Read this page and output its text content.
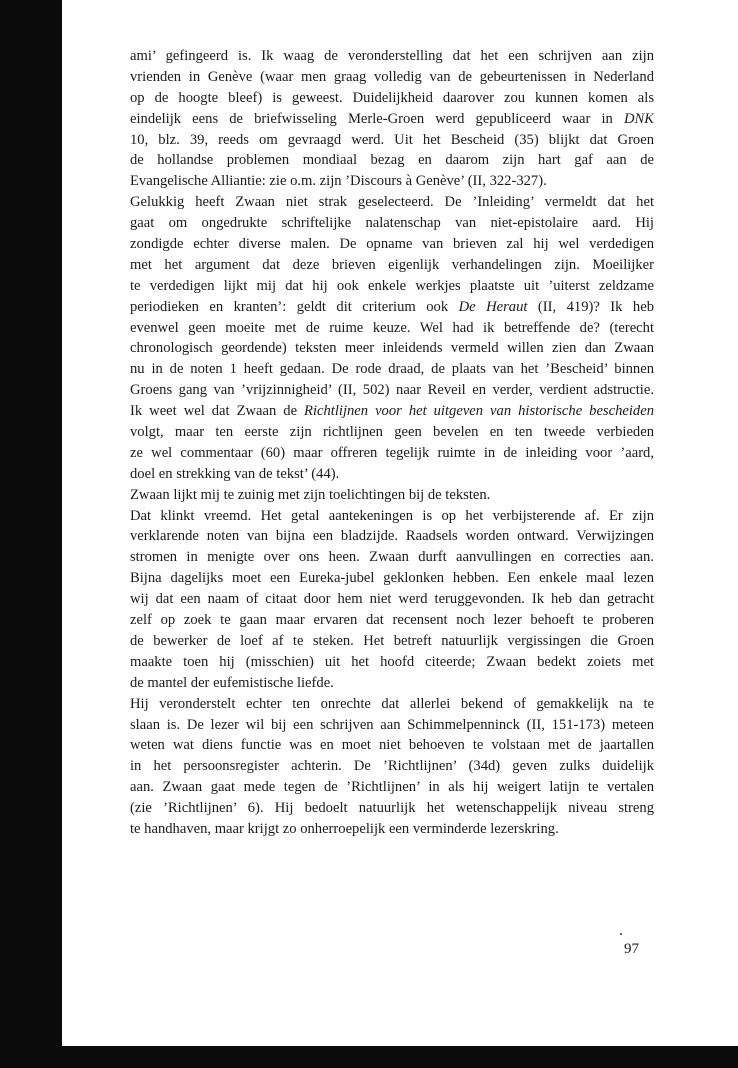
ami’ gefingeerd is. Ik waag de veronderstelling dat het een schrijven aan zijn
vrienden in Genève (waar men graag volledig van de gebeurtenissen in Nederland
op de hoogte bleef) is geweest. Duidelijkheid daarover zou kunnen komen als
eindelijk eens de briefwisseling Merle-Groen werd gepubliceerd waar in DNK
10, blz. 39, reeds om gevraagd werd. Uit het Bescheid (35) blijkt dat Groen
de hollandse problemen mondiaal bezag en daarom zijn hart gaf aan de
Evangelische Alliantie: zie o.m. zijn ’Discours à Genève’ (II, 322-327).
Gelukkig heeft Zwaan niet strak geselecteerd. De ’Inleiding’ vermeldt dat het
gaat om ongedrukte schriftelijke nalatenschap van niet-epistolaire aard. Hij
zondigde echter diverse malen. De opname van brieven zal hij wel verdedigen
met het argument dat deze brieven eigenlijk verhandelingen zijn. Moeilijker
te verdedigen lijkt mij dat hij ook enkele werkjes plaatste uit ’uiterst zeldzame
periodieken en kranten’: geldt dit criterium ook De Heraut (II, 419)? Ik heb
evenwel geen moeite met de ruime keuze. Wel had ik betreffende de? (terecht
chronologisch geordende) teksten meer inleidends vermeld willen zien dan Zwaan
nu in de noten 1 heeft gedaan. De rode draad, de plaats van het ’Bescheid’ binnen
Groens gang van ’vrijzinnigheid’ (II, 502) naar Reveil en verder, verdient adstructie.
Ik weet wel dat Zwaan de Richtlijnen voor het uitgeven van historische bescheiden
volgt, maar ten eerste zijn richtlijnen geen bevelen en ten tweede verbieden
ze wel commentaar (60) maar offreren tegelijk ruimte in de inleiding voor ’aard,
doel en strekking van de tekst’ (44).
Zwaan lijkt mij te zuinig met zijn toelichtingen bij de teksten.
Dat klinkt vreemd. Het getal aantekeningen is op het verbijsterende af. Er zijn
verklarende noten van bijna een bladzijde. Raadsels worden ontward. Verwijzingen
stromen in menigte over ons heen. Zwaan durft aanvullingen en correcties aan.
Bijna dagelijks moet een Eureka-jubel geklonken hebben. Een enkele maal lezen
wij dat een naam of citaat door hem niet werd teruggevonden. Ik heb dan getracht
zelf op zoek te gaan maar ervaren dat recensent noch lezer behoeft te proberen
de bewerker de loef af te steken. Het betreft natuurlijk vergissingen die Groen
maakte toen hij (misschien) uit het hoofd citeerde; Zwaan bedekt zoiets met
de mantel der eufemistische liefde.
Hij veronderstelt echter ten onrechte dat allerlei bekend of gemakkelijk na te
slaan is. De lezer wil bij een schrijven aan Schimmelpenninck (II, 151-173) meteen
weten wat diens functie was en moet niet behoeven te volstaan met de jaartallen
in het persoonsregister achterin. De ’Richtlijnen’ (34d) geven zulks duidelijk
aan. Zwaan gaat mede tegen de ’Richtlijnen’ in als hij weigert latijn te vertalen
(zie ’Richtlijnen’ 6). Hij bedoelt natuurlijk het wetenschappelijk niveau streng
te handhaven, maar krijgt zo onherroepelijk een verminderde lezerskring.
97
